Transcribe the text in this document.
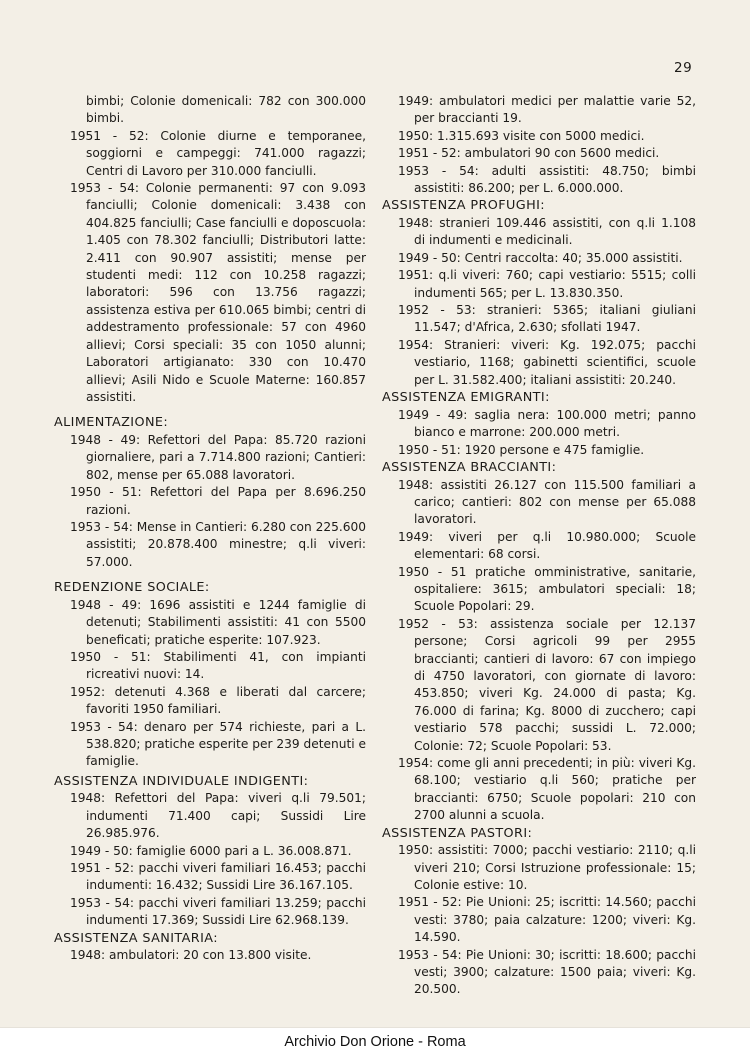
29

bimbi; Colonie domenicali: 782 con 300.000 bimbi.

1951 - 52: Colonie diurne e temporanee, soggiorni e campeggi: 741.000 ragazzi; Centri di Lavoro per 310.000 fanciulli.

1953 - 54: Colonie permanenti: 97 con 9.093 fanciulli; Colonie domenicali: 3.438 con 404.825 fanciulli; Case fanciulli e doposcuola: 1.405 con 78.302 fanciulli; Distributori latte: 2.411 con 90.907 assistiti; mense per studenti medi: 112 con 10.258 ragazzi; laboratori: 596 con 13.756 ragazzi; assistenza estiva per 610.065 bimbi; centri di addestramento professionale: 57 con 4960 allievi; Corsi speciali: 35 con 1050 alunni; Laboratori artigianato: 330 con 10.470 allievi; Asili Nido e Scuole Materne: 160.857 assistiti.

ALIMENTAZIONE:

1948 - 49: Refettori del Papa: 85.720 razioni giornaliere, pari a 7.714.800 razioni; Cantieri: 802, mense per 65.088 lavoratori.

1950 - 51: Refettori del Papa per 8.696.250 razioni.

1953 - 54: Mense in Cantieri: 6.280 con 225.600 assistiti; 20.878.400 minestre; q.li viveri: 57.000.

REDENZIONE SOCIALE:

1948 - 49: 1696 assistiti e 1244 famiglie di detenuti; Stabilimenti assistiti: 41 con 5500 beneficati; pratiche esperite: 107.923.

1950 - 51: Stabilimenti 41, con impianti ricreativi nuovi: 14.

1952: detenuti 4.368 e liberati dal carcere; favoriti 1950 familiari.

1953 - 54: denaro per 574 richieste, pari a L. 538.820; pratiche esperite per 239 detenuti e famiglie.

ASSISTENZA INDIVIDUALE INDIGENTI:

1948: Refettori del Papa: viveri q.li 79.501; indumenti 71.400 capi; Sussidi Lire 26.985.976.

1949 - 50: famiglie 6000 pari a L. 36.008.871.

1951 - 52: pacchi viveri familiari 16.453; pacchi indumenti: 16.432; Sussidi Lire 36.167.105.

1953 - 54: pacchi viveri familiari 13.259; pacchi indumenti 17.369; Sussidi Lire 62.968.139.

ASSISTENZA SANITARIA:

1948: ambulatori: 20 con 13.800 visite.

1949: ambulatori medici per malattie varie 52, per braccianti 19.

1950: 1.315.693 visite con 5000 medici.

1951 - 52: ambulatori 90 con 5600 medici.

1953 - 54: adulti assistiti: 48.750; bimbi assistiti: 86.200; per L. 6.000.000.

ASSISTENZA PROFUGHI:

1948: stranieri 109.446 assistiti, con q.li 1.108 di indumenti e medicinali.

1949 - 50: Centri raccolta: 40; 35.000 assistiti.

1951: q.li viveri: 760; capi vestiario: 5515; colli indumenti 565; per L. 13.830.350.

1952 - 53: stranieri: 5365; italiani giuliani 11.547; d'Africa, 2.630; sfollati 1947.

1954: Stranieri: viveri: Kg. 192.075; pacchi vestiario, 1168; gabinetti scientifici, scuole per L. 31.582.400; italiani assistiti: 20.240.

ASSISTENZA EMIGRANTI:

1949 - 49: saglia nera: 100.000 metri; panno bianco e marrone: 200.000 metri.

1950 - 51: 1920 persone e 475 famiglie.

ASSISTENZA BRACCIANTI:

1948: assistiti 26.127 con 115.500 familiari a carico; cantieri: 802 con mense per 65.088 lavoratori.

1949: viveri per q.li 10.980.000; Scuole elementari: 68 corsi.

1950 - 51 pratiche omministrative, sanitarie, ospitaliere: 3615; ambulatori speciali: 18; Scuole Popolari: 29.

1952 - 53: assistenza sociale per 12.137 persone; Corsi agricoli 99 per 2955 braccianti; cantieri di lavoro: 67 con impiego di 4750 lavoratori, con giornate di lavoro: 453.850; viveri Kg. 24.000 di pasta; Kg. 76.000 di farina; Kg. 8000 di zucchero; capi vestiario 578 pacchi; sussidi L. 72.000; Colonie: 72; Scuole Popolari: 53.

1954: come gli anni precedenti; in più: viveri Kg. 68.100; vestiario q.li 560; pratiche per braccianti: 6750; Scuole popolari: 210 con 2700 alunni a scuola.

ASSISTENZA PASTORI:

1950: assistiti: 7000; pacchi vestiario: 2110; q.li viveri 210; Corsi Istruzione professionale: 15; Colonie estive: 10.

1951 - 52: Pie Unioni: 25; iscritti: 14.560; pacchi vesti: 3780; paia calzature: 1200; viveri: Kg. 14.590.

1953 - 54: Pie Unioni: 30; iscritti: 18.600; pacchi vesti; 3900; calzature: 1500 paia; viveri: Kg. 20.500.

Archivio Don Orione - Roma
